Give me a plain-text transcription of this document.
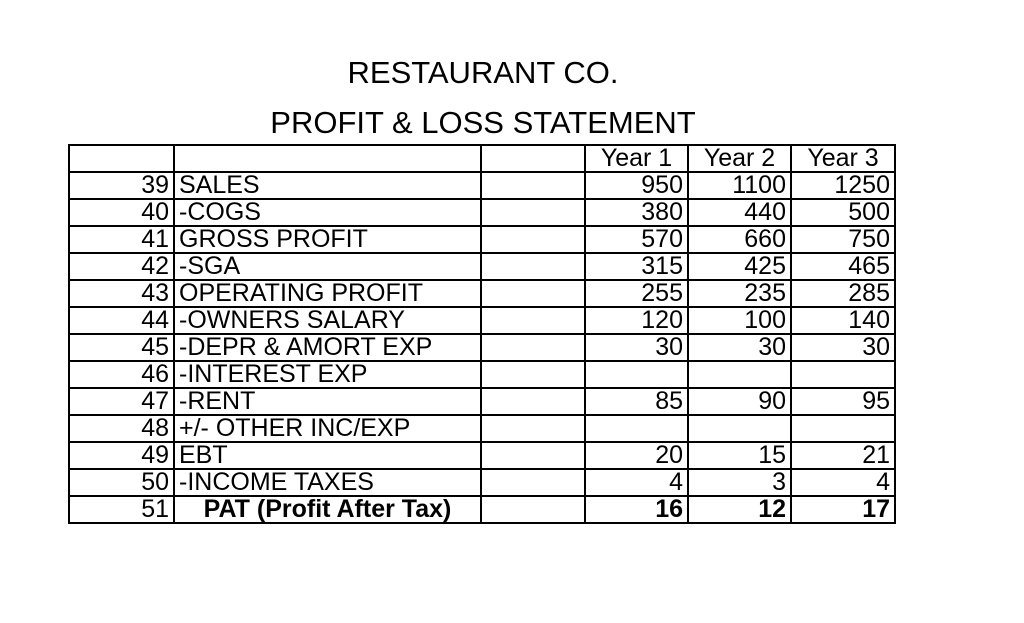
RESTAURANT CO.
PROFIT & LOSS STATEMENT
			Year 1	Year 2	Year 3
39	SALES		950	1100	1250
40	-COGS		380	440	500
41	GROSS PROFIT		570	660	750
42	-SGA		315	425	465
43	OPERATING PROFIT		255	235	285
44	-OWNERS SALARY		120	100	140
45	-DEPR & AMORT EXP		30	30	30
46	-INTEREST EXP				
47	-RENT		85	90	95
48	+/- OTHER INC/EXP				
49	EBT		20	15	21
50	-INCOME TAXES		4	3	4
51	PAT (Profit After Tax)		16	12	17
